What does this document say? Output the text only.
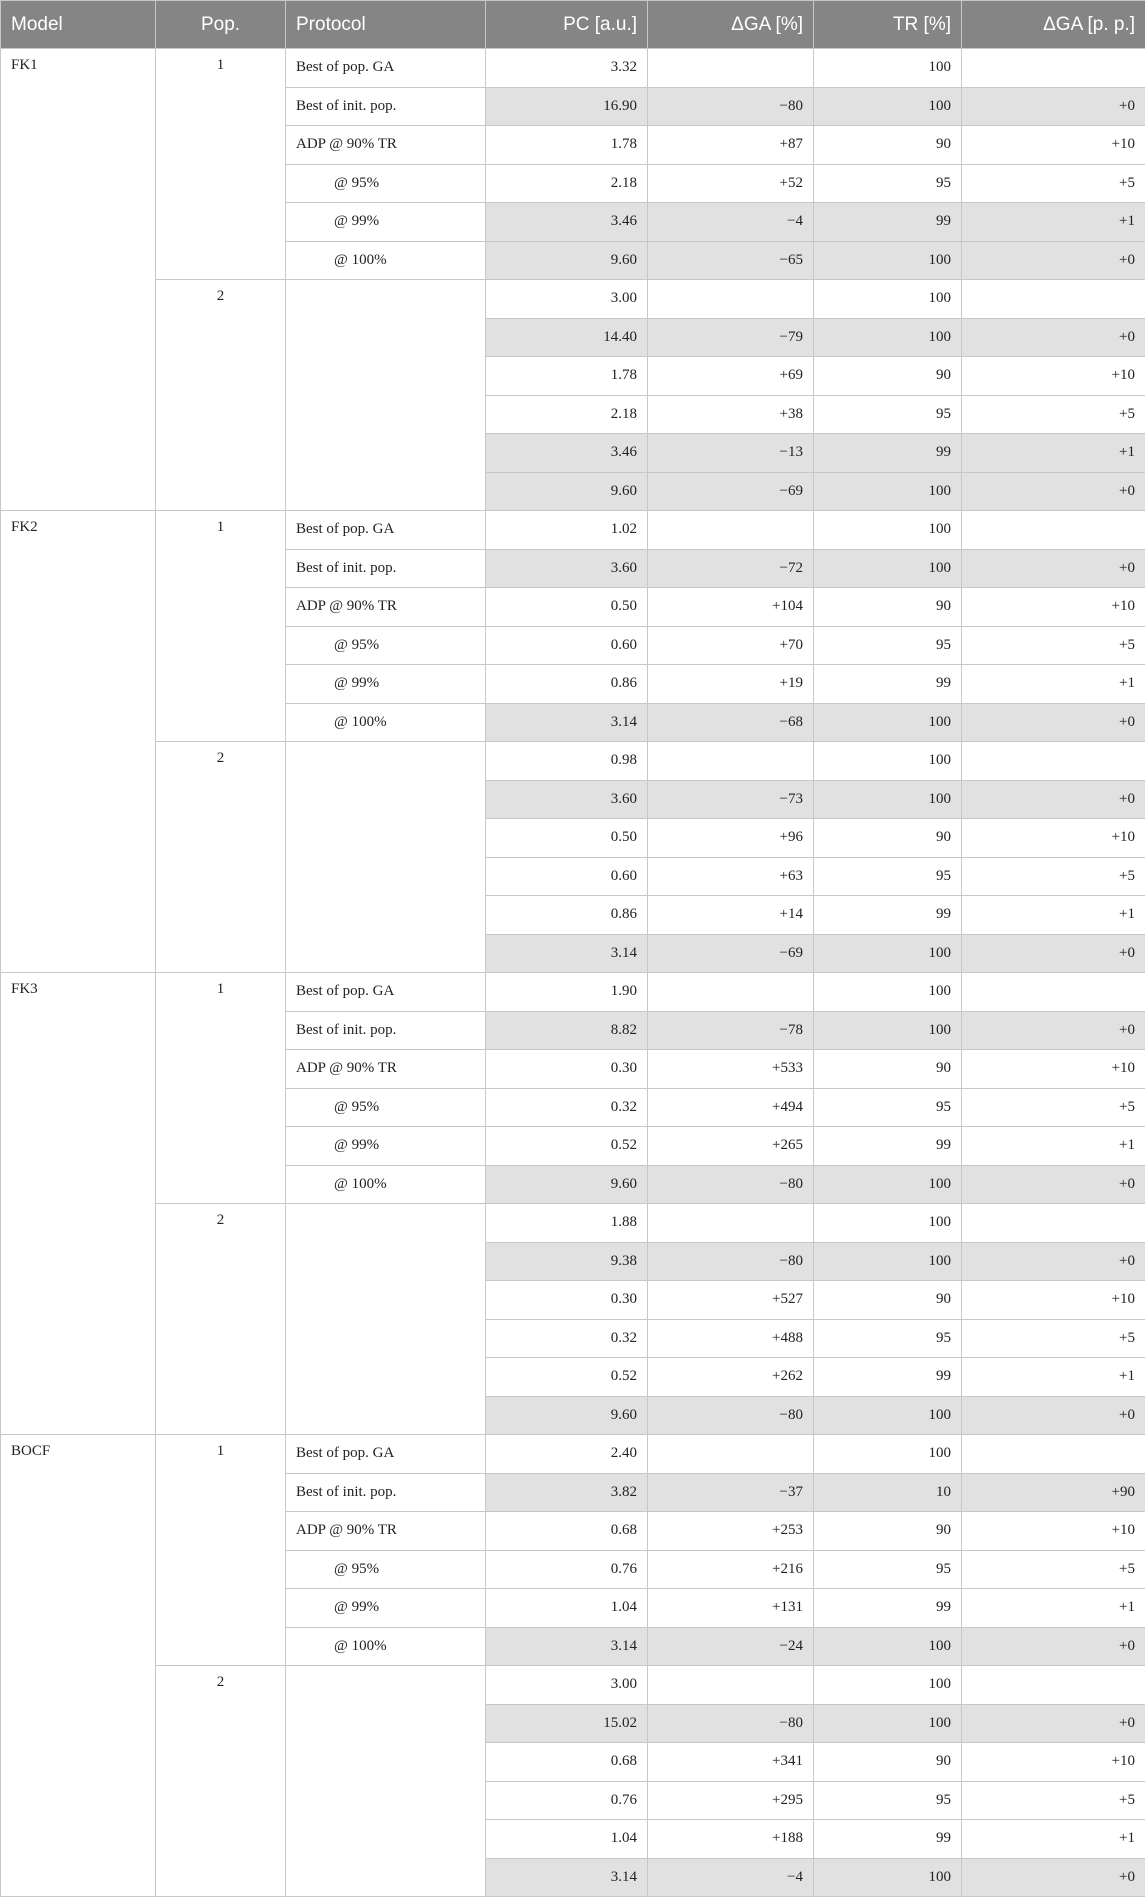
Model	Pop.	Protocol	PC [a.u.]	ΔGA [%]	TR [%]	ΔGA [p. p.]
FK1	1	Best of pop. GA	3.32		100	
		Best of init. pop.	16.90	−80	100	+0
		ADP @ 90% TR	1.78	+87	90	+10
		@ 95%	2.18	+52	95	+5
		@ 99%	3.46	−4	99	+1
		@ 100%	9.60	−65	100	+0
	2		3.00		100	
			14.40	−79	100	+0
			1.78	+69	90	+10
			2.18	+38	95	+5
			3.46	−13	99	+1
			9.60	−69	100	+0
FK2	1	Best of pop. GA	1.02		100	
		Best of init. pop.	3.60	−72	100	+0
		ADP @ 90% TR	0.50	+104	90	+10
		@ 95%	0.60	+70	95	+5
		@ 99%	0.86	+19	99	+1
		@ 100%	3.14	−68	100	+0
	2		0.98		100	
			3.60	−73	100	+0
			0.50	+96	90	+10
			0.60	+63	95	+5
			0.86	+14	99	+1
			3.14	−69	100	+0
FK3	1	Best of pop. GA	1.90		100	
		Best of init. pop.	8.82	−78	100	+0
		ADP @ 90% TR	0.30	+533	90	+10
		@ 95%	0.32	+494	95	+5
		@ 99%	0.52	+265	99	+1
		@ 100%	9.60	−80	100	+0
	2		1.88		100	
			9.38	−80	100	+0
			0.30	+527	90	+10
			0.32	+488	95	+5
			0.52	+262	99	+1
			9.60	−80	100	+0
BOCF	1	Best of pop. GA	2.40		100	
		Best of init. pop.	3.82	−37	10	+90
		ADP @ 90% TR	0.68	+253	90	+10
		@ 95%	0.76	+216	95	+5
		@ 99%	1.04	+131	99	+1
		@ 100%	3.14	−24	100	+0
	2		3.00		100	
			15.02	−80	100	+0
			0.68	+341	90	+10
			0.76	+295	95	+5
			1.04	+188	99	+1
			3.14	−4	100	+0
